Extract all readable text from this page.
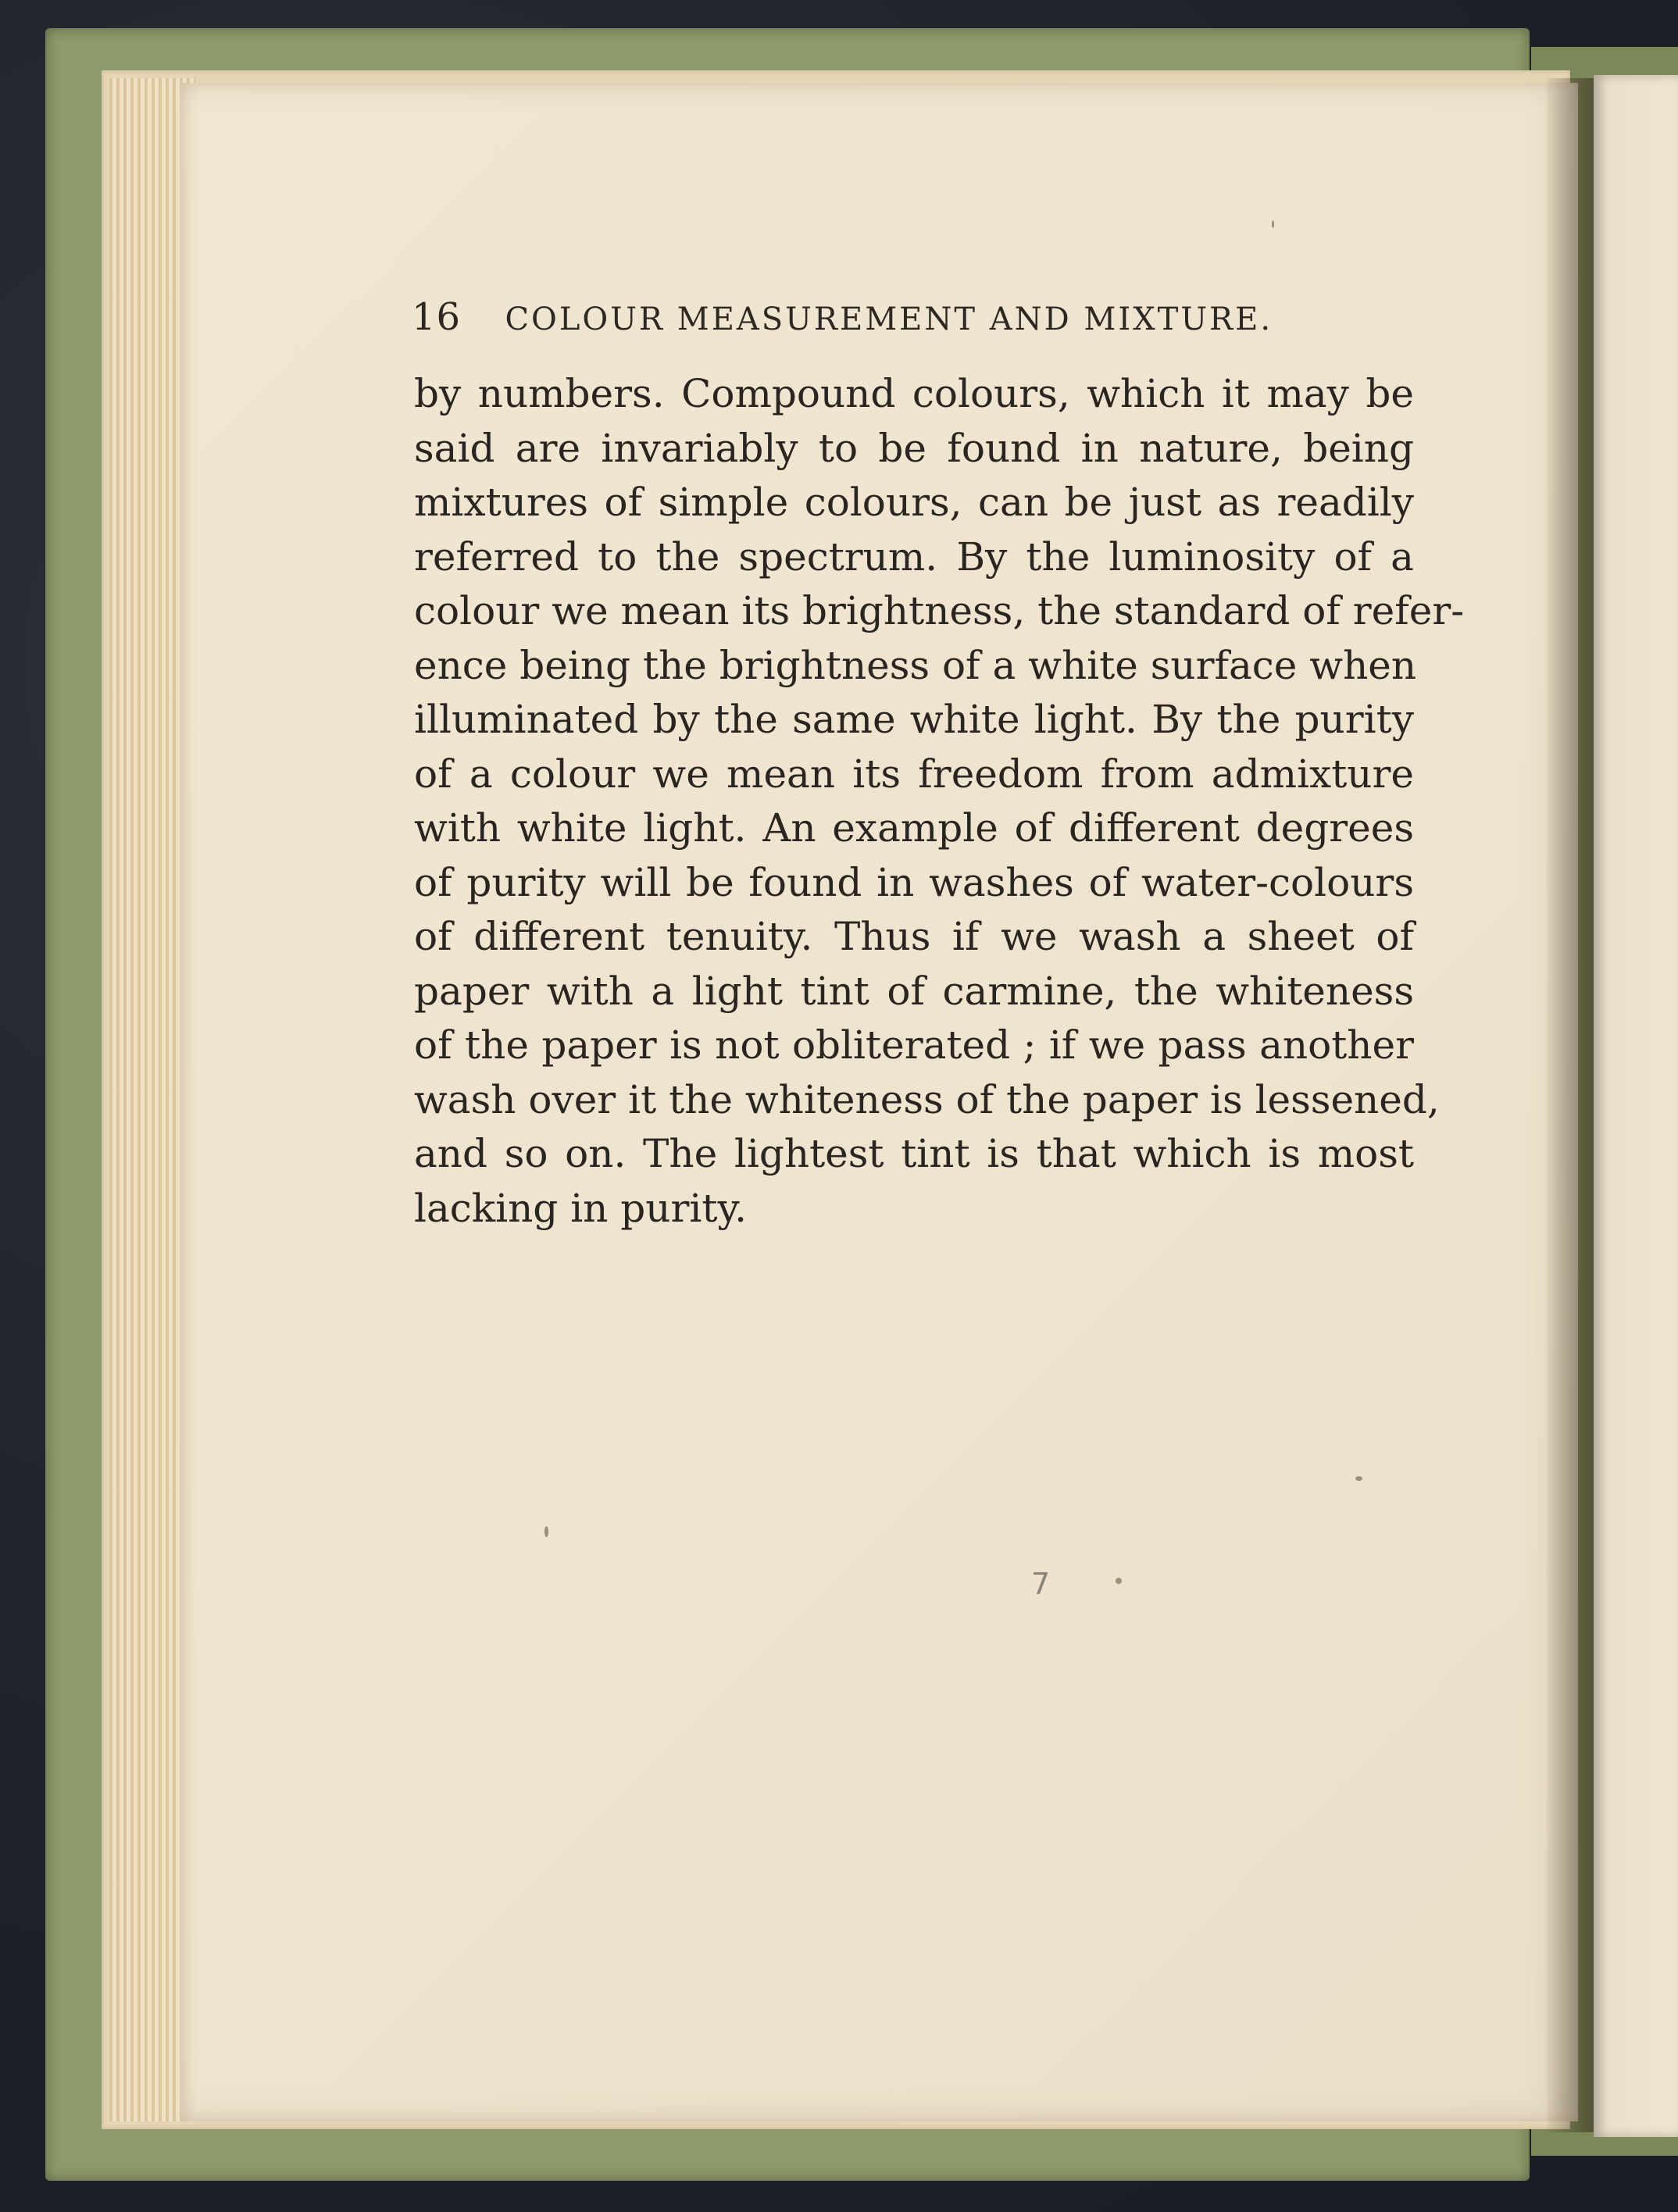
16 COLOUR MEASUREMENT AND MIXTURE.
by numbers. Compound colours, which it may be
said are invariably to be found in nature, being
mixtures of simple colours, can be just as readily
referred to the spectrum. By the luminosity of a
colour we mean its brightness, the standard of refer-
ence being the brightness of a white surface when
illuminated by the same white light. By the purity
of a colour we mean its freedom from admixture
with white light. An example of different degrees
of purity will be found in washes of water-colours
of different tenuity. Thus if we wash a sheet of
paper with a light tint of carmine, the whiteness
of the paper is not obliterated ; if we pass another
wash over it the whiteness of the paper is lessened,
and so on. The lightest tint is that which is most
lacking in purity.
7
